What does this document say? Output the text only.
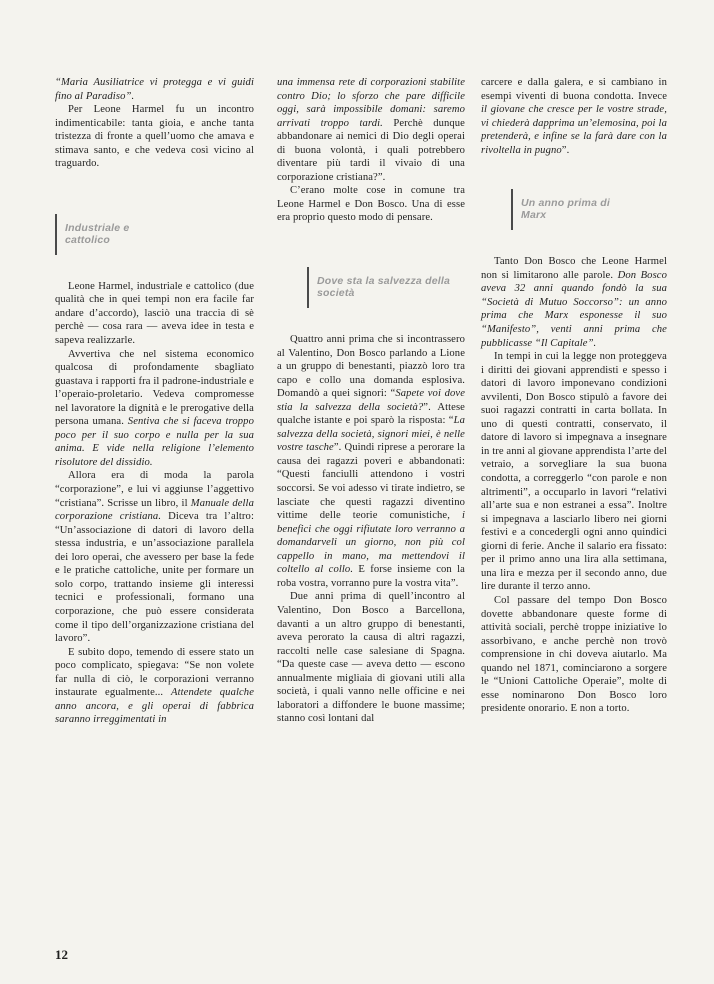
“Maria Ausiliatrice vi protegga e vi guidi fino al Paradiso”.

Per Leone Harmel fu un incontro indimenticabile: tanta gioia, e anche tanta tristezza di fronte a quell’uomo che amava e stimava santo, e che vedeva così vicino al traguardo.

Industriale e cattolico

Leone Harmel, industriale e cattolico (due qualità che in quei tempi non era facile far andare d’accordo), lasciò una traccia di sè perchè — cosa rara — aveva idee in testa e sapeva realizzarle.

Avvertiva che nel sistema economico qualcosa di profondamente sbagliato guastava i rapporti fra il padrone-industriale e l’operaio-proletario. Vedeva compromesse nel lavoratore la dignità e le prerogative della persona umana. Sentiva che si faceva troppo poco per il suo corpo e nulla per la sua anima. E vide nella religione l’elemento risolutore del dissidio.

Allora era di moda la parola “corporazione”, e lui vi aggiunse l’aggettivo “cristiana”. Scrisse un libro, il Manuale della corporazione cristiana. Diceva tra l’altro: “Un’associazione di datori di lavoro della stessa industria, e un’associazione parallela dei loro operai, che avessero per base la fede e le pratiche cattoliche, unite per formare un solo corpo, trattando insieme gli interessi tecnici e professionali, formano una corporazione, che può essere considerata come il tipo dell’organizzazione cristiana del lavoro”.

E subito dopo, temendo di essere stato un poco complicato, spiegava: “Se non volete far nulla di ciò, le corporazioni verranno instaurate egualmente... Attendete qualche anno ancora, e gli operai di fabbrica saranno irreggimentati in

una immensa rete di corporazioni stabilite contro Dio; lo sforzo che pare difficile oggi, sarà impossibile domani: saremo arrivati troppo tardi. Perchè dunque abbandonare ai nemici di Dio degli operai di buona volontà, i quali potrebbero diventare più tardi il vivaio di una corporazione cristiana?”.

C’erano molte cose in comune tra Leone Harmel e Don Bosco. Una di esse era proprio questo modo di pensare.

Dove sta la salvezza della società

Quattro anni prima che si incontrassero al Valentino, Don Bosco parlando a Lione a un gruppo di benestanti, piazzò loro tra capo e collo una domanda esplosiva. Domandò a quei signori: “Sapete voi dove stia la salvezza della società?”. Attese qualche istante e poi sparò la risposta: “La salvezza della società, signori miei, è nelle vostre tasche”. Quindi riprese a perorare la causa dei ragazzi poveri e abbandonati: “Questi fanciulli attendono i vostri soccorsi. Se voi adesso vi tirate indietro, se lasciate che questi ragazzi diventino vittime delle teorie comunistiche, i benefici che oggi rifiutate loro verranno a domandarveli un giorno, non più col cappello in mano, ma mettendovi il coltello al collo. E forse insieme con la roba vostra, vorranno pure la vostra vita”.

Due anni prima di quell’incontro al Valentino, Don Bosco a Barcellona, davanti a un altro gruppo di benestanti, aveva perorato la causa di altri ragazzi, raccolti nelle case salesiane di Spagna. “Da queste case — aveva detto — escono annualmente migliaia di giovani utili alla società, i quali vanno nelle officine e nei laboratori a diffondere le buone massime; stanno così lontani dal

carcere e dalla galera, e si cambiano in esempi viventi di buona condotta. Invece il giovane che cresce per le vostre strade, vi chiederà dapprima un’elemosina, poi la pretenderà, e infine se la farà dare con la rivoltella in pugno”.

Un anno prima di Marx

Tanto Don Bosco che Leone Harmel non si limitarono alle parole. Don Bosco aveva 32 anni quando fondò la sua “Società di Mutuo Soccorso”: un anno prima che Marx esponesse il suo “Manifesto”, venti anni prima che pubblicasse “Il Capitale”.

In tempi in cui la legge non proteggeva i diritti dei giovani apprendisti e spesso i datori di lavoro imponevano condizioni avvilenti, Don Bosco stipulò a favore dei suoi ragazzi contratti in carta bollata. In uno di questi contratti, conservato, il datore di lavoro si impegnava a insegnare in tre anni al giovane apprendista l’arte del vetraio, a sorvegliare la sua buona condotta, a correggerlo “con parole e non altrimenti”, a occuparlo in lavori “relativi all’arte sua e non estranei a essa”. Inoltre si impegnava a lasciarlo libero nei giorni festivi e a concedergli ogni anno quindici giorni di ferie. Anche il salario era fissato: per il primo anno una lira alla settimana, una lira e mezza per il secondo anno, due lire durante il terzo anno.

Col passare del tempo Don Bosco dovette abbandonare queste forme di attività sociali, perchè troppe iniziative lo assorbivano, e anche perchè non trovò comprensione in chi doveva aiutarlo. Ma quando nel 1871, cominciarono a sorgere le “Unioni Cattoliche Operaie”, molte di esse nominarono Don Bosco loro presidente onorario. E non a torto.

12
